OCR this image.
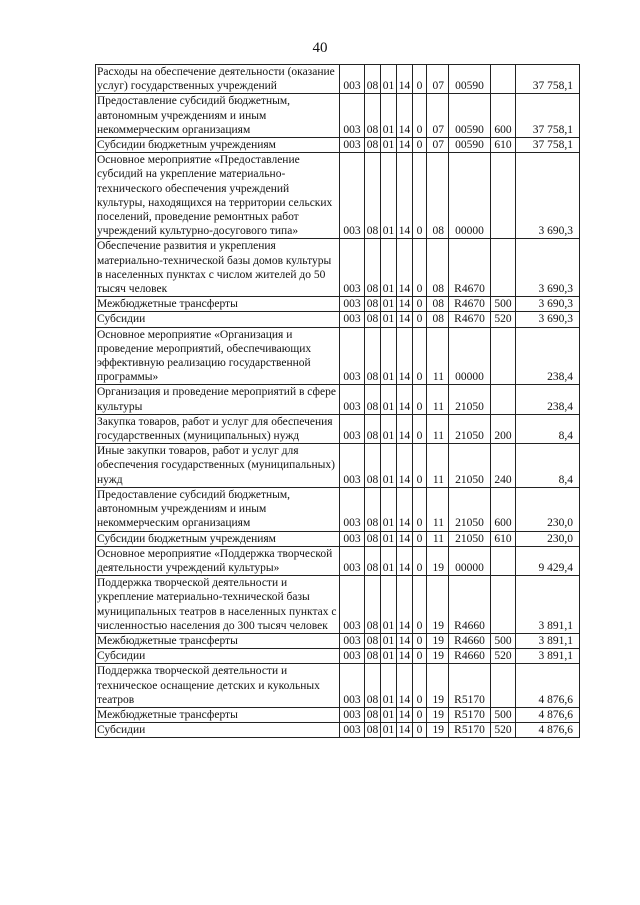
40
Расходы на обеспечение деятельности (оказание услуг) государственных учреждений	003	08	01	14	0	07	00590		37 758,1
Предоставление субсидий бюджетным, автономным учреждениям и иным некоммерческим организациям	003	08	01	14	0	07	00590	600	37 758,1
Субсидии бюджетным учреждениям	003	08	01	14	0	07	00590	610	37 758,1
Основное мероприятие «Предоставление субсидий на укрепление материально-технического обеспечения учреждений культуры, находящихся на территории сельских поселений, проведение ремонтных работ учреждений культурно-досугового типа»	003	08	01	14	0	08	00000		3 690,3
Обеспечение развития и укрепления материально-технической базы домов культуры в населенных пунктах с числом жителей до 50 тысяч человек	003	08	01	14	0	08	R4670		3 690,3
Межбюджетные трансферты	003	08	01	14	0	08	R4670	500	3 690,3
Субсидии	003	08	01	14	0	08	R4670	520	3 690,3
Основное мероприятие «Организация и проведение мероприятий, обеспечивающих эффективную реализацию государственной программы»	003	08	01	14	0	11	00000		238,4
Организация и проведение мероприятий в сфере культуры	003	08	01	14	0	11	21050		238,4
Закупка товаров, работ и услуг для обеспечения государственных (муниципальных) нужд	003	08	01	14	0	11	21050	200	8,4
Иные закупки товаров, работ и услуг для обеспечения государственных (муниципальных) нужд	003	08	01	14	0	11	21050	240	8,4
Предоставление субсидий бюджетным, автономным учреждениям и иным некоммерческим организациям	003	08	01	14	0	11	21050	600	230,0
Субсидии бюджетным учреждениям	003	08	01	14	0	11	21050	610	230,0
Основное мероприятие «Поддержка творческой деятельности учреждений культуры»	003	08	01	14	0	19	00000		9 429,4
Поддержка творческой деятельности и укрепление материально-технической базы муниципальных театров в населенных пунктах с численностью населения до 300 тысяч человек	003	08	01	14	0	19	R4660		3 891,1
Межбюджетные трансферты	003	08	01	14	0	19	R4660	500	3 891,1
Субсидии	003	08	01	14	0	19	R4660	520	3 891,1
Поддержка творческой деятельности и техническое оснащение детских и кукольных театров	003	08	01	14	0	19	R5170		4 876,6
Межбюджетные трансферты	003	08	01	14	0	19	R5170	500	4 876,6
Субсидии	003	08	01	14	0	19	R5170	520	4 876,6
